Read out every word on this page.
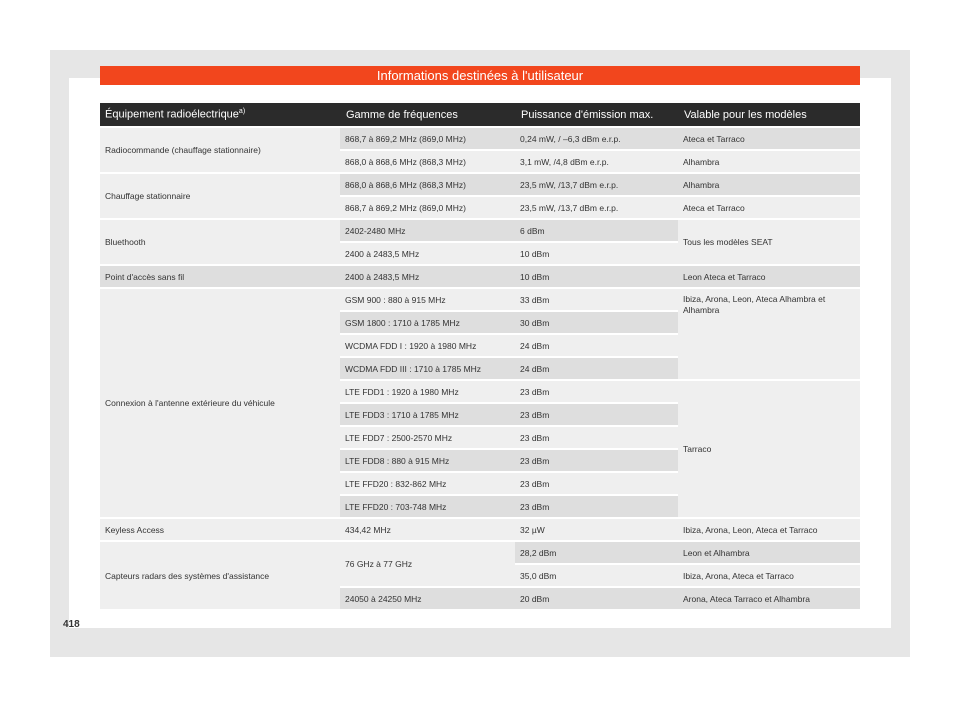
Informations destinées à l'utilisateur
Équipement radioélectrique$^{a)}$	Gamme de fréquences	Puissance d'émission max.	Valable pour les modèles
Radiocommande (chauffage stationnaire)	868,7 à 869,2 MHz (869,0 MHz)	0,24 mW, / –6,3 dBm e.r.p.	Ateca et Tarraco
	868,0 à 868,6 MHz (868,3 MHz)	3,1 mW, /4,8 dBm e.r.p.	Alhambra
Chauffage stationnaire	868,0 à 868,6 MHz (868,3 MHz)	23,5 mW, /13,7 dBm e.r.p.	Alhambra
	868,7 à 869,2 MHz (869,0 MHz)	23,5 mW, /13,7 dBm e.r.p.	Ateca et Tarraco
Bluethooth	2402-2480 MHz	6 dBm	Tous les modèles SEAT
	2400 à 2483,5 MHz	10 dBm	
Point d'accès sans fil	2400 à 2483,5 MHz	10 dBm	Leon Ateca et Tarraco
Connexion à l'antenne extérieure du véhicule	GSM 900 : 880 à 915 MHz	33 dBm	Ibiza, Arona, Leon, Ateca Alhambra et Alhambra
	GSM 1800 : 1710 à 1785 MHz	30 dBm	
	WCDMA FDD I : 1920 à 1980 MHz	24 dBm	
	WCDMA FDD III : 1710 à 1785 MHz	24 dBm	
	LTE FDD1 : 1920 à 1980 MHz	23 dBm	Tarraco
	LTE FDD3 : 1710 à 1785 MHz	23 dBm	
	LTE FDD7 : 2500-2570 MHz	23 dBm	
	LTE FDD8 : 880 à 915 MHz	23 dBm	
	LTE FFD20 : 832-862 MHz	23 dBm	
	LTE FFD20 : 703-748 MHz	23 dBm	
Keyless Access	434,42 MHz	32 µW	Ibiza, Arona, Leon, Ateca et Tarraco
Capteurs radars des systèmes d'assistance	76 GHz à 77 GHz	28,2 dBm	Leon et Alhambra
		35,0 dBm	Ibiza, Arona, Ateca et Tarraco
	24050 à 24250 MHz	20 dBm	Arona, Ateca Tarraco et Alhambra
418
